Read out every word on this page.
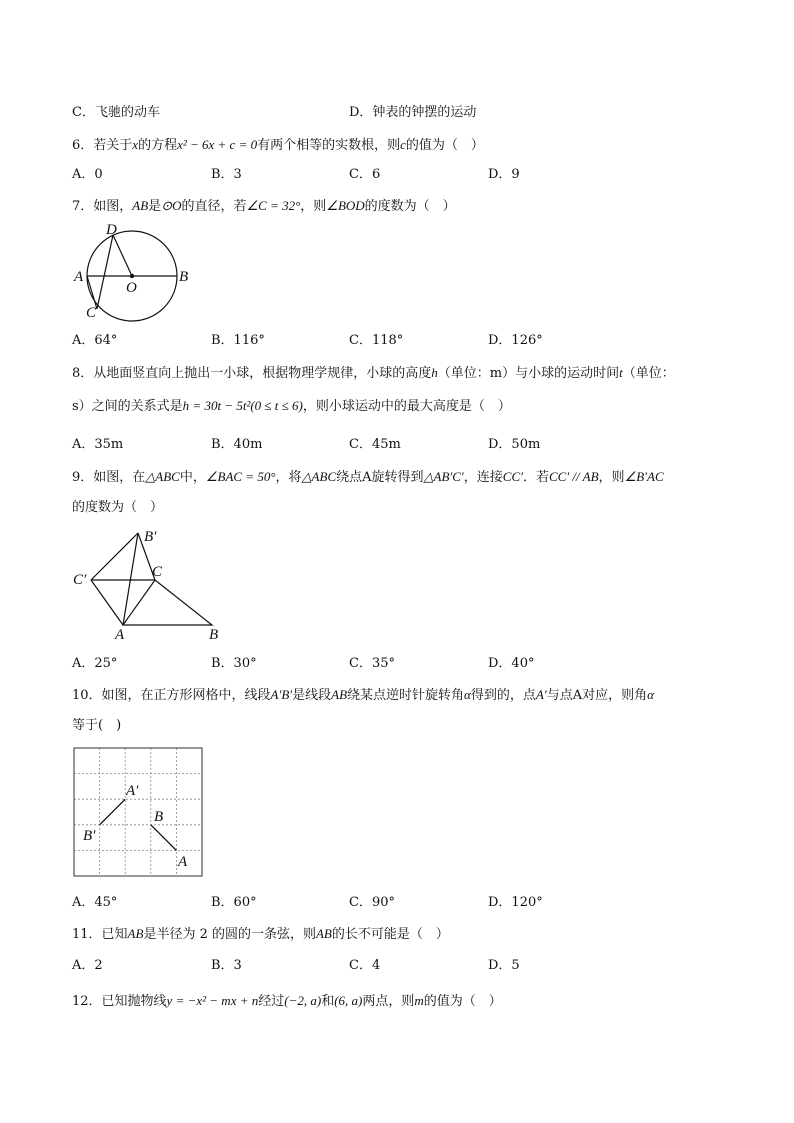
C．飞驰的动车	D．钟表的钟摆的运动
6．若关于x的方程x² − 6x + c = 0有两个相等的实数根，则c的值为（　）
A．0	B．3	C．6	D．9
7．如图，AB是⊙O的直径，若∠C = 32°，则∠BOD的度数为（　）
D
A	B
O
C
A．64°	B．116°	C．118°	D．126°
8．从地面竖直向上抛出一小球，根据物理学规律，小球的高度h（单位：m）与小球的运动时间t（单位：
s）之间的关系式是h = 30t − 5t²(0 ≤ t ≤ 6)，则小球运动中的最大高度是（　）
A．35m	B．40m	C．45m	D．50m
9．如图，在△ABC中，∠BAC = 50°，将△ABC绕点A旋转得到△AB′C′，连接CC′．若CC′ // AB，则∠B′AC
的度数为（　）
B′
C′	C
A	B
A．25°	B．30°	C．35°	D．40°
10．如图，在正方形网格中，线段A′B′是线段AB绕某点逆时针旋转角α得到的，点A′与点A对应，则角α
等于(　)
A′
B′
B
A
A．45°	B．60°	C．90°	D．120°
11．已知AB是半径为 2 的圆的一条弦，则AB的长不可能是（　）
A．2	B．3	C．4	D．5
12．已知抛物线y = −x² − mx + n经过(−2, a)和(6, a)两点，则m的值为（　）
